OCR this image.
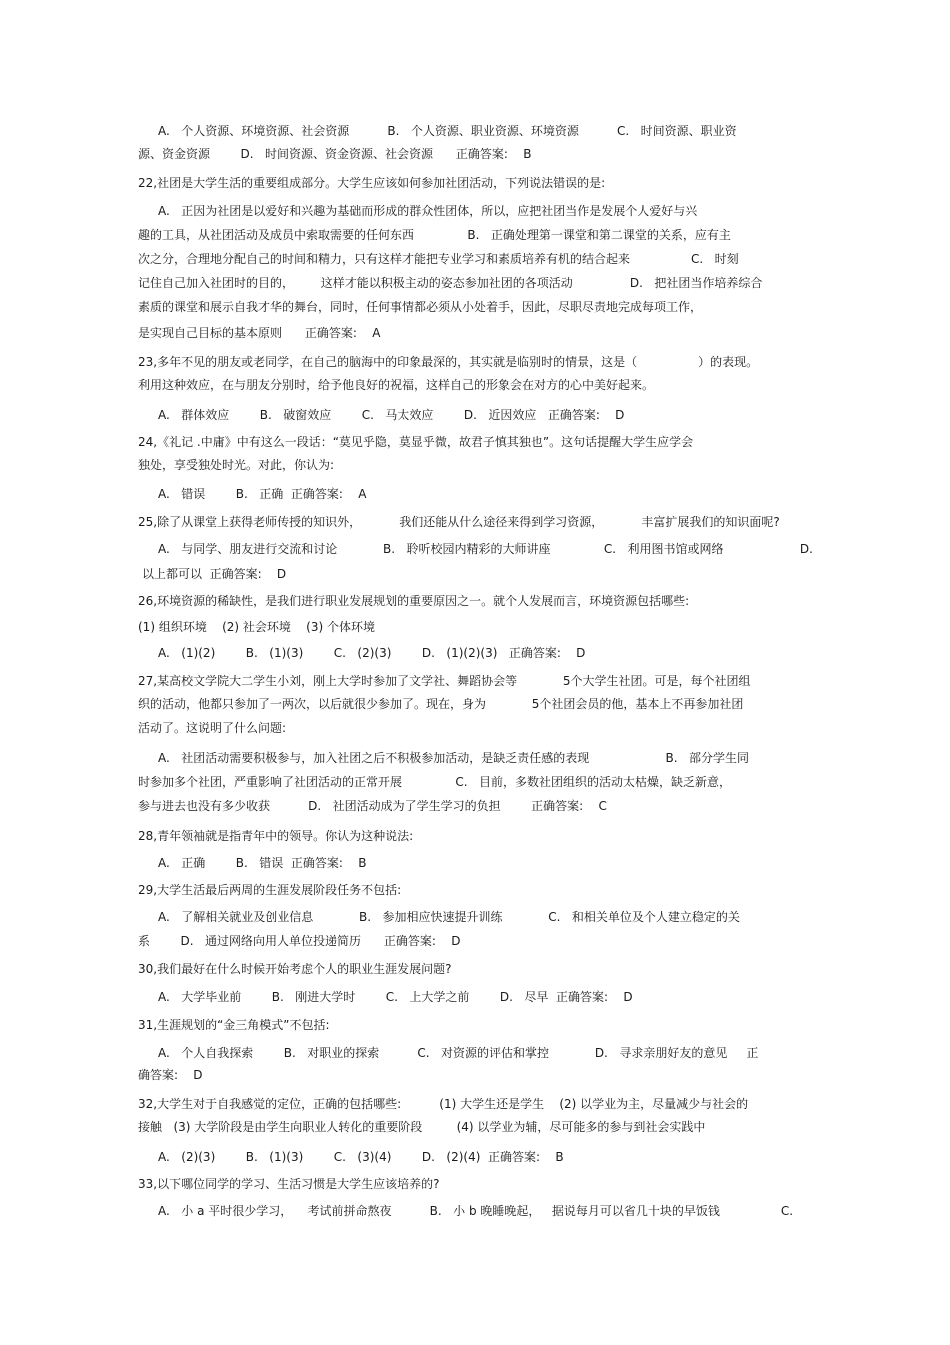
A.   个人资源、环境资源、社会资源          B.   个人资源、职业资源、环境资源          C.   时间资源、职业资
源、资金资源        D.   时间资源、资金资源、社会资源      正确答案:    B
22,社团是大学生活的重要组成部分。大学生应该如何参加社团活动，下列说法错误的是:
A.   正因为社团是以爱好和兴趣为基础而形成的群众性团体，所以，应把社团当作是发展个人爱好与兴
趣的工具，从社团活动及成员中索取需要的任何东西              B.   正确处理第一课堂和第二课堂的关系，应有主
次之分，合理地分配自己的时间和精力，只有这样才能把专业学习和素质培养有机的结合起来                C.   时刻
记住自己加入社团时的目的，       这样才能以积极主动的姿态参加社团的各项活动               D.   把社团当作培养综合
素质的课堂和展示自我才华的舞台，同时，任何事情都必须从小处着手，因此，尽职尽责地完成每项工作，
是实现自己目标的基本原则      正确答案:    A
23,多年不见的朋友或老同学，在自己的脑海中的印象最深的，其实就是临别时的情景，这是（                ）的表现。
利用这种效应，在与朋友分别时，给予他良好的祝福，这样自己的形象会在对方的心中美好起来。
A.   群体效应        B.   破窗效应        C.   马太效应        D.   近因效应   正确答案:    D
24,《礼记 .中庸》中有这么一段话：“莫见乎隐，莫显乎微，故君子慎其独也”。这句话提醒大学生应学会
独处，享受独处时光。对此，你认为:
A.   错误        B.   正确  正确答案:    A
25,除了从课堂上获得老师传授的知识外，          我们还能从什么途径来得到学习资源，          丰富扩展我们的知识面呢?
A.   与同学、朋友进行交流和讨论            B.   聆听校园内精彩的大师讲座              C.   利用图书馆或网络                    D.
以上都可以  正确答案:    D
26,环境资源的稀缺性，是我们进行职业发展规划的重要原因之一。就个人发展而言，环境资源包括哪些:
(1) 组织环境    (2) 社会环境    (3) 个体环境
A.   (1)(2)        B.   (1)(3)        C.   (2)(3)        D.   (1)(2)(3)   正确答案:    D
27,某高校文学院大二学生小刘，刚上大学时参加了文学社、舞蹈协会等            5个大学生社团。可是，每个社团组
织的活动，他都只参加了一两次，以后就很少参加了。现在，身为            5个社团会员的他，基本上不再参加社团
活动了。这说明了什么问题:
A.   社团活动需要积极参与，加入社团之后不积极参加活动，是缺乏责任感的表现                    B.   部分学生同
时参加多个社团，严重影响了社团活动的正常开展              C.   目前，多数社团组织的活动太枯燥，缺乏新意，
参与进去也没有多少收获          D.   社团活动成为了学生学习的负担        正确答案:    C
28,青年领袖就是指青年中的领导。你认为这种说法:
A.   正确        B.   错误  正确答案:    B
29,大学生活最后两周的生涯发展阶段任务不包括:
A.   了解相关就业及创业信息            B.   参加相应快速提升训练            C.   和相关单位及个人建立稳定的关
系        D.   通过网络向用人单位投递简历      正确答案:    D
30,我们最好在什么时候开始考虑个人的职业生涯发展问题?
A.   大学毕业前        B.   刚进大学时        C.   上大学之前        D.   尽早  正确答案:    D
31,生涯规划的“金三角模式”不包括:
A.   个人自我探索        B.   对职业的探索          C.   对资源的评估和掌控            D.   寻求亲朋好友的意见     正
确答案:    D
32,大学生对于自我感觉的定位，正确的包括哪些:          (1) 大学生还是学生    (2) 以学业为主，尽量减少与社会的
接触   (3) 大学阶段是由学生向职业人转化的重要阶段         (4) 以学业为辅，尽可能多的参与到社会实践中
A.   (2)(3)        B.   (1)(3)        C.   (3)(4)        D.   (2)(4)  正确答案:    B
33,以下哪位同学的学习、生活习惯是大学生应该培养的?
A.   小 a 平时很少学习，    考试前拼命熬夜          B.   小 b 晚睡晚起，   据说每月可以省几十块的早饭钱                C.
